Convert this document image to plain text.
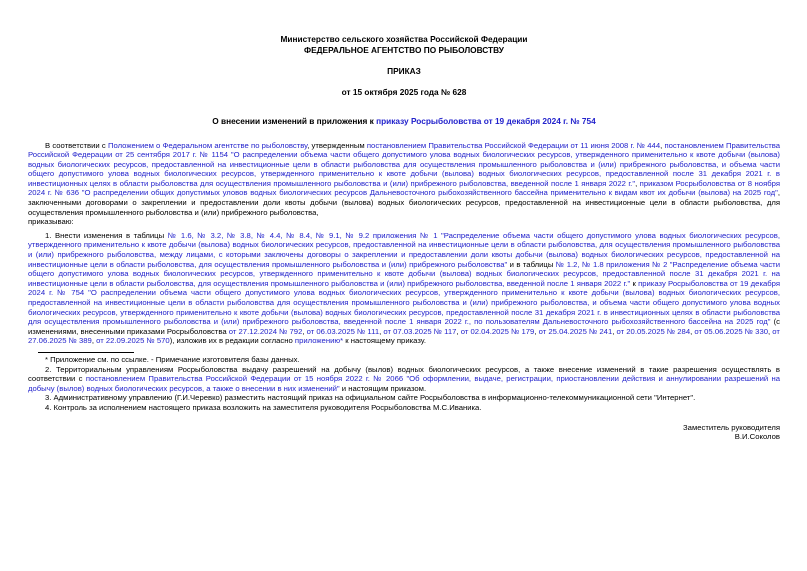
Министерство сельского хозяйства Российской Федерации
ФЕДЕРАЛЬНОЕ АГЕНТСТВО ПО РЫБОЛОВСТВУ
ПРИКАЗ
от 15 октября 2025 года № 628
О внесении изменений в приложения к приказу Росрыболовства от 19 декабря 2024 г. № 754

В соответствии с Положением о Федеральном агентстве по рыболовству, утвержденным постановлением Правительства Российской Федерации от 11 июня 2008 г. № 444, постановлением Правительства Российской Федерации от 25 сентября 2017 г. № 1154 "О распределении объема части общего допустимого улова водных биологических ресурсов, утвержденного применительно к квоте добычи (вылова) водных биологических ресурсов, предоставленной на инвестиционные цели в области рыболовства для осуществления промышленного рыболовства и (или) прибрежного рыболовства, и объема части общего допустимого улова водных биологических ресурсов, утвержденного применительно к квоте добычи (вылова) водных биологических ресурсов, предоставленной после 31 декабря 2021 г. в инвестиционных целях в области рыболовства для осуществления промышленного рыболовства и (или) прибрежного рыболовства, введенной после 1 января 2022 г.", приказом Росрыболовства от 8 ноября 2024 г. № 636 "О распределении общих допустимых уловов водных биологических ресурсов Дальневосточного рыбохозяйственного бассейна применительно к видам квот их добычи (вылова) на 2025 год", заключенными договорами о закреплении и предоставлении доли квоты добычи (вылова) водных биологических ресурсов, предоставленной на инвестиционные цели в области рыболовства, для осуществления промышленного рыболовства и (или) прибрежного рыболовства,

приказываю:

1. Внести изменения в таблицы № 1.6, № 3.2, № 3.8, № 4.4, № 8.4, № 9.1, № 9.2 приложения № 1 "Распределение объема части общего допустимого улова водных биологических ресурсов, утвержденного применительно к квоте добычи (вылова) водных биологических ресурсов, предоставленной на инвестиционные цели в области рыболовства, для осуществления промышленного рыболовства и (или) прибрежного рыболовства, между лицами, с которыми заключены договоры о закреплении и предоставлении доли квоты добычи (вылова) водных биологических ресурсов, предоставленной на инвестиционные цели в области рыболовства, для осуществления промышленного рыболовства и (или) прибрежного рыболовства" и в таблицы № 1.2, № 1.8 приложения № 2 "Распределение объема части общего допустимого улова водных биологических ресурсов, утвержденного применительно к квоте добычи (вылова) водных биологических ресурсов, предоставленной после 31 декабря 2021 г. на инвестиционные цели в области рыболовства, для осуществления промышленного рыболовства и (или) прибрежного рыболовства, введенной после 1 января 2022 г." к приказу Росрыболовства от 19 декабря 2024 г. № 754 "О распределении объема части общего допустимого улова водных биологических ресурсов, утвержденного применительно к квоте добычи (вылова) водных биологических ресурсов, предоставленной на инвестиционные цели в области рыболовства для осуществления промышленного рыболовства и (или) прибрежного рыболовства, и объема части общего допустимого улова водных биологических ресурсов, утвержденного применительно к квоте добычи (вылова) водных биологических ресурсов, предоставленной после 31 декабря 2021 г. в инвестиционных целях в области рыболовства для осуществления промышленного рыболовства и (или) прибрежного рыболовства, введенной после 1 января 2022 г., по пользователям Дальневосточного рыбохозяйственного бассейна на 2025 год" (с изменениями, внесенными приказами Росрыболовства от 27.12.2024 № 792, от 06.03.2025 № 111, от 07.03.2025 № 117, от 02.04.2025 № 179, от 25.04.2025 № 241, от 20.05.2025 № 284, от 05.06.2025 № 330, от 27.06.2025 № 389, от 22.09.2025 № 570), изложив их в редакции согласно приложению* к настоящему приказу.

* Приложение см. по ссылке. - Примечание изготовителя базы данных.

2. Территориальным управлениям Росрыболовства выдачу разрешений на добычу (вылов) водных биологических ресурсов, а также внесение изменений в такие разрешения осуществлять в соответствии с постановлением Правительства Российской Федерации от 15 ноября 2022 г. № 2066 "Об оформлении, выдаче, регистрации, приостановлении действия и аннулировании разрешений на добычу (вылов) водных биологических ресурсов, а также о внесении в них изменений" и настоящим приказом.

3. Административному управлению (Г.И.Черевко) разместить настоящий приказ на официальном сайте Росрыболовства в информационно-телекоммуникационной сети "Интернет".

4. Контроль за исполнением настоящего приказа возложить на заместителя руководителя Росрыболовства М.С.Иваника.

Заместитель руководителя
В.И.Соколов
